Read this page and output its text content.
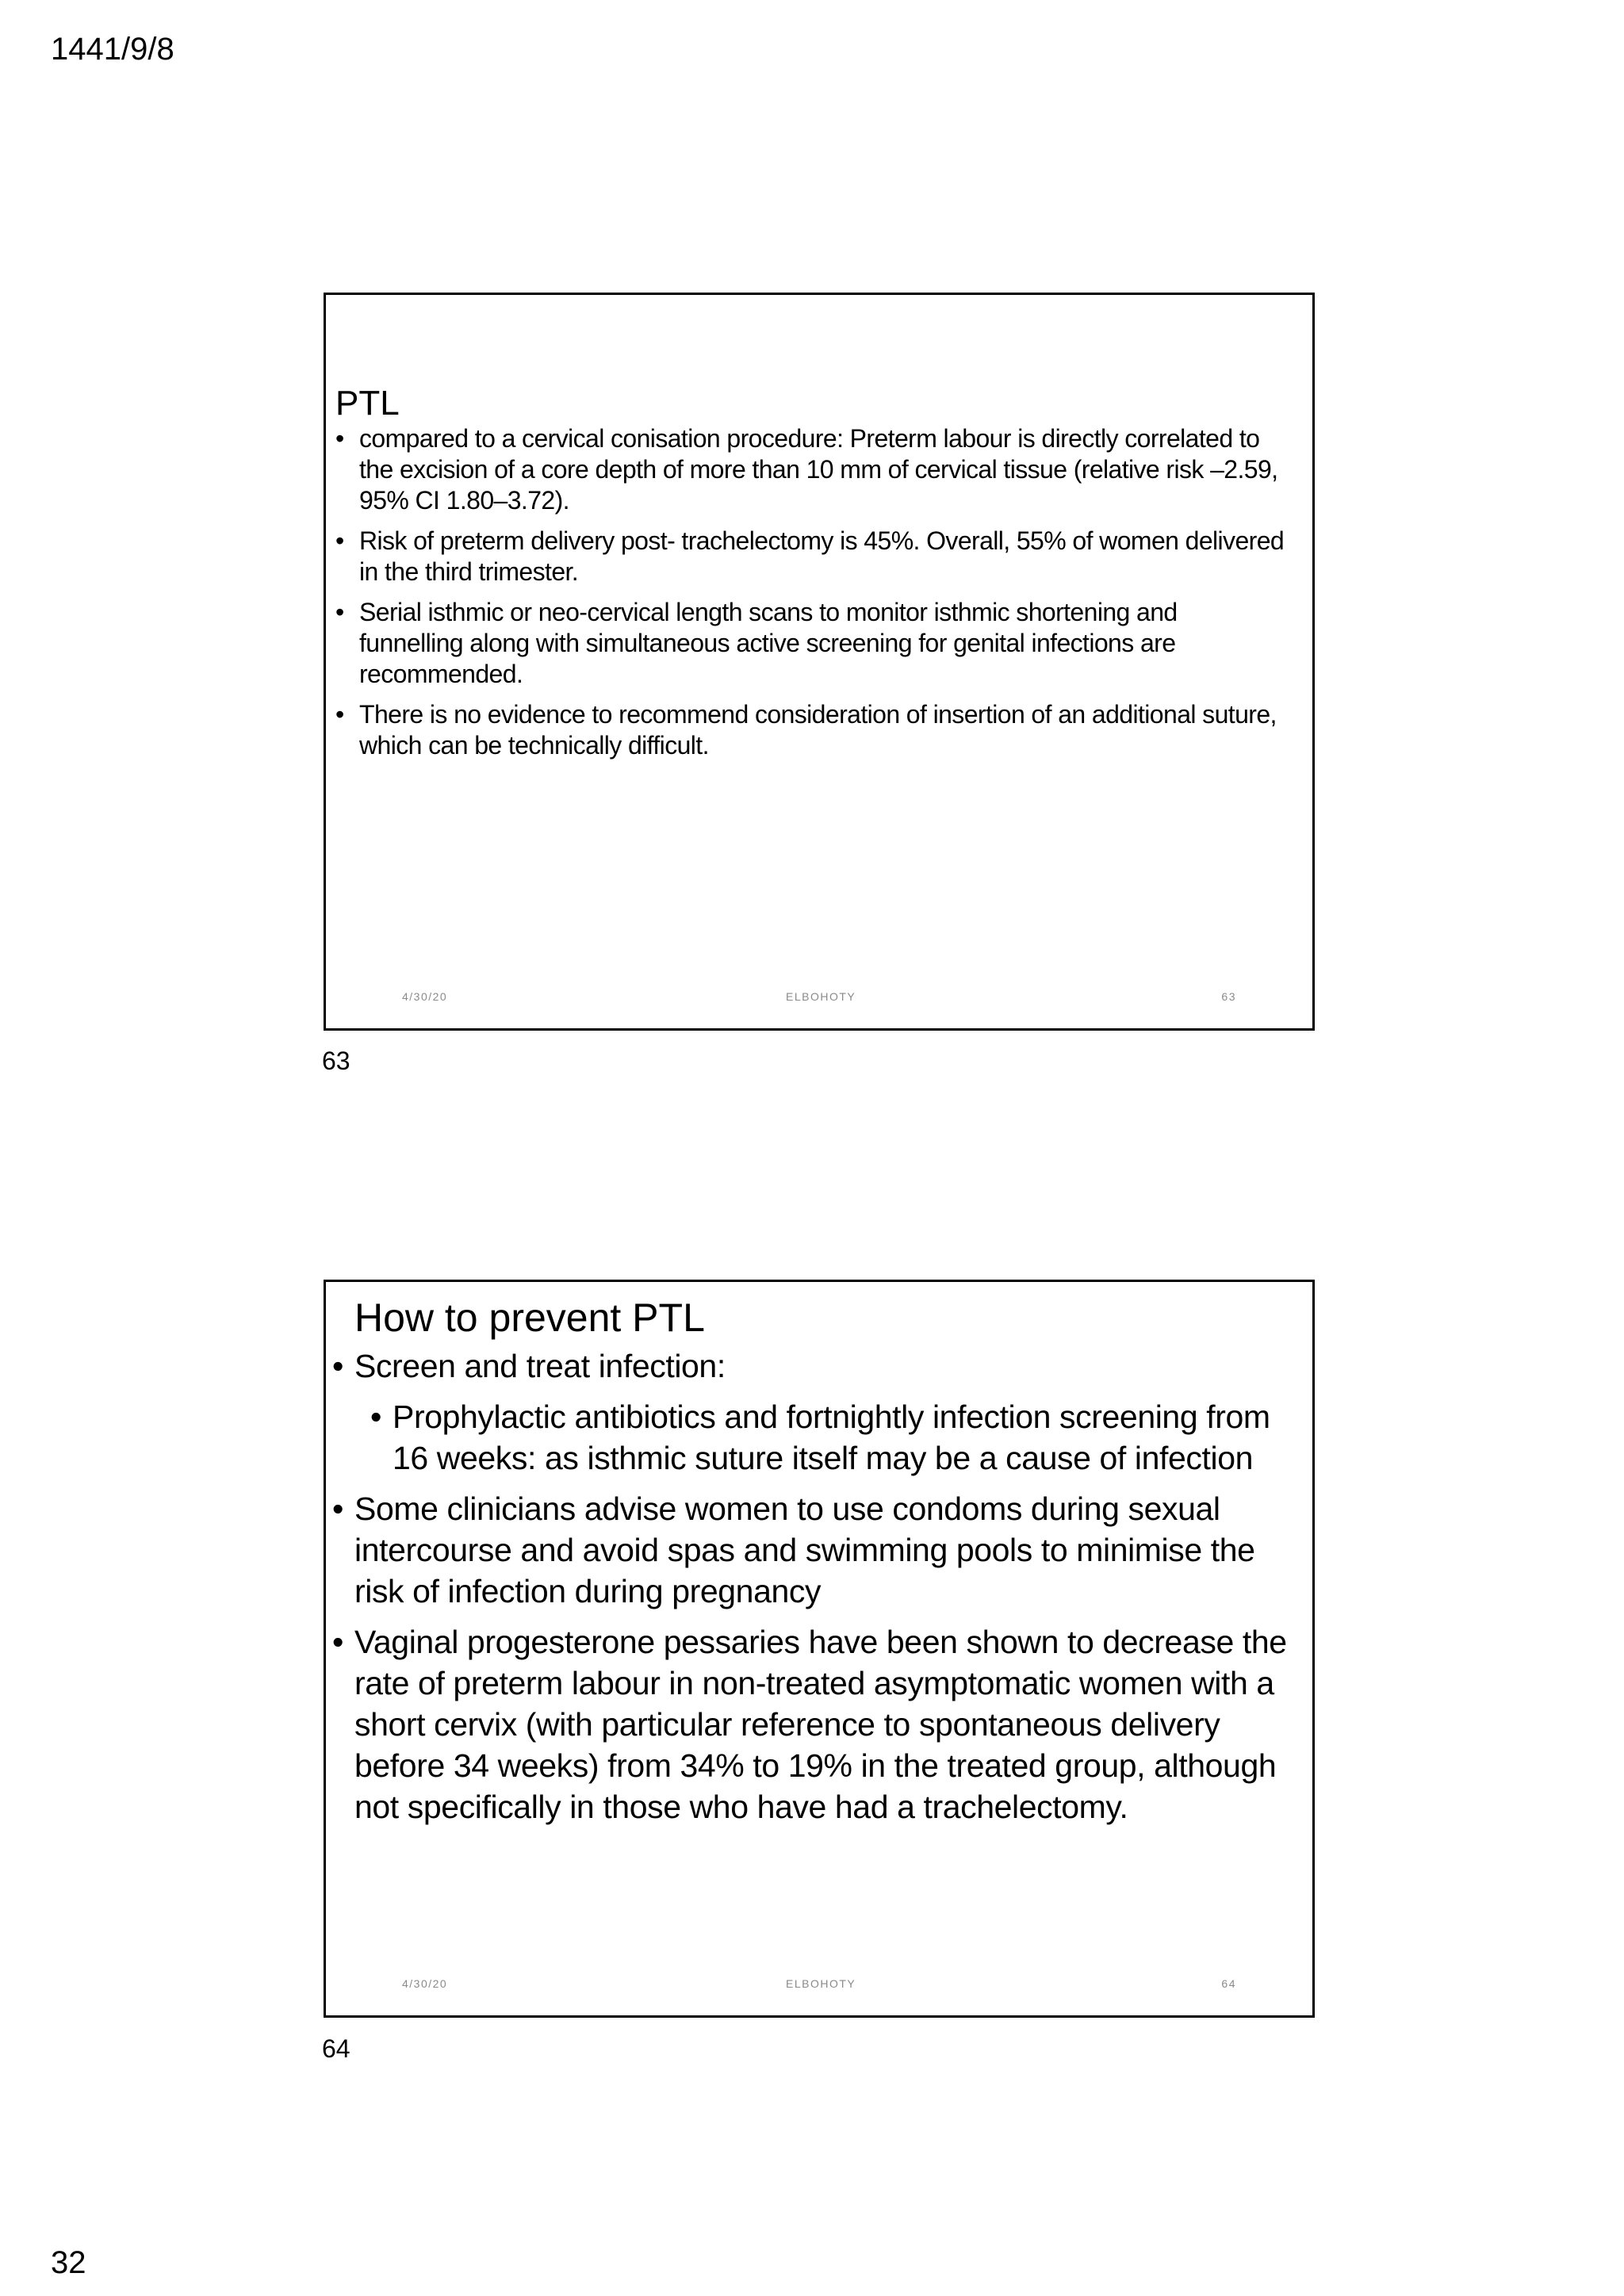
1441/9/8
PTL
• compared to a cervical conisation procedure: Preterm labour is directly correlated to the excision of a core depth of more than 10 mm of cervical tissue (relative risk –2.59, 95% CI 1.80–3.72).
• Risk of preterm delivery post- trachelectomy is 45%. Overall, 55% of women delivered in the third trimester.
• Serial isthmic or neo-cervical length scans to monitor isthmic shortening and funnelling along with simultaneous active screening for genital infections are recommended.
• There is no evidence to recommend consideration of insertion of an additional suture, which can be technically difficult.
4/30/20	ELBOHOTY	63
63
How to prevent PTL
• Screen and treat infection:
• Prophylactic antibiotics and fortnightly infection screening from 16 weeks: as isthmic suture itself may be a cause of infection
• Some clinicians advise women to use condoms during sexual intercourse and avoid spas and swimming pools to minimise the risk of infection during pregnancy
• Vaginal progesterone pessaries have been shown to decrease the rate of preterm labour in non-treated asymptomatic women with a short cervix (with particular reference to spontaneous delivery before 34 weeks) from 34% to 19% in the treated group, although not specifically in those who have had a trachelectomy.
4/30/20	ELBOHOTY	64
64
32
